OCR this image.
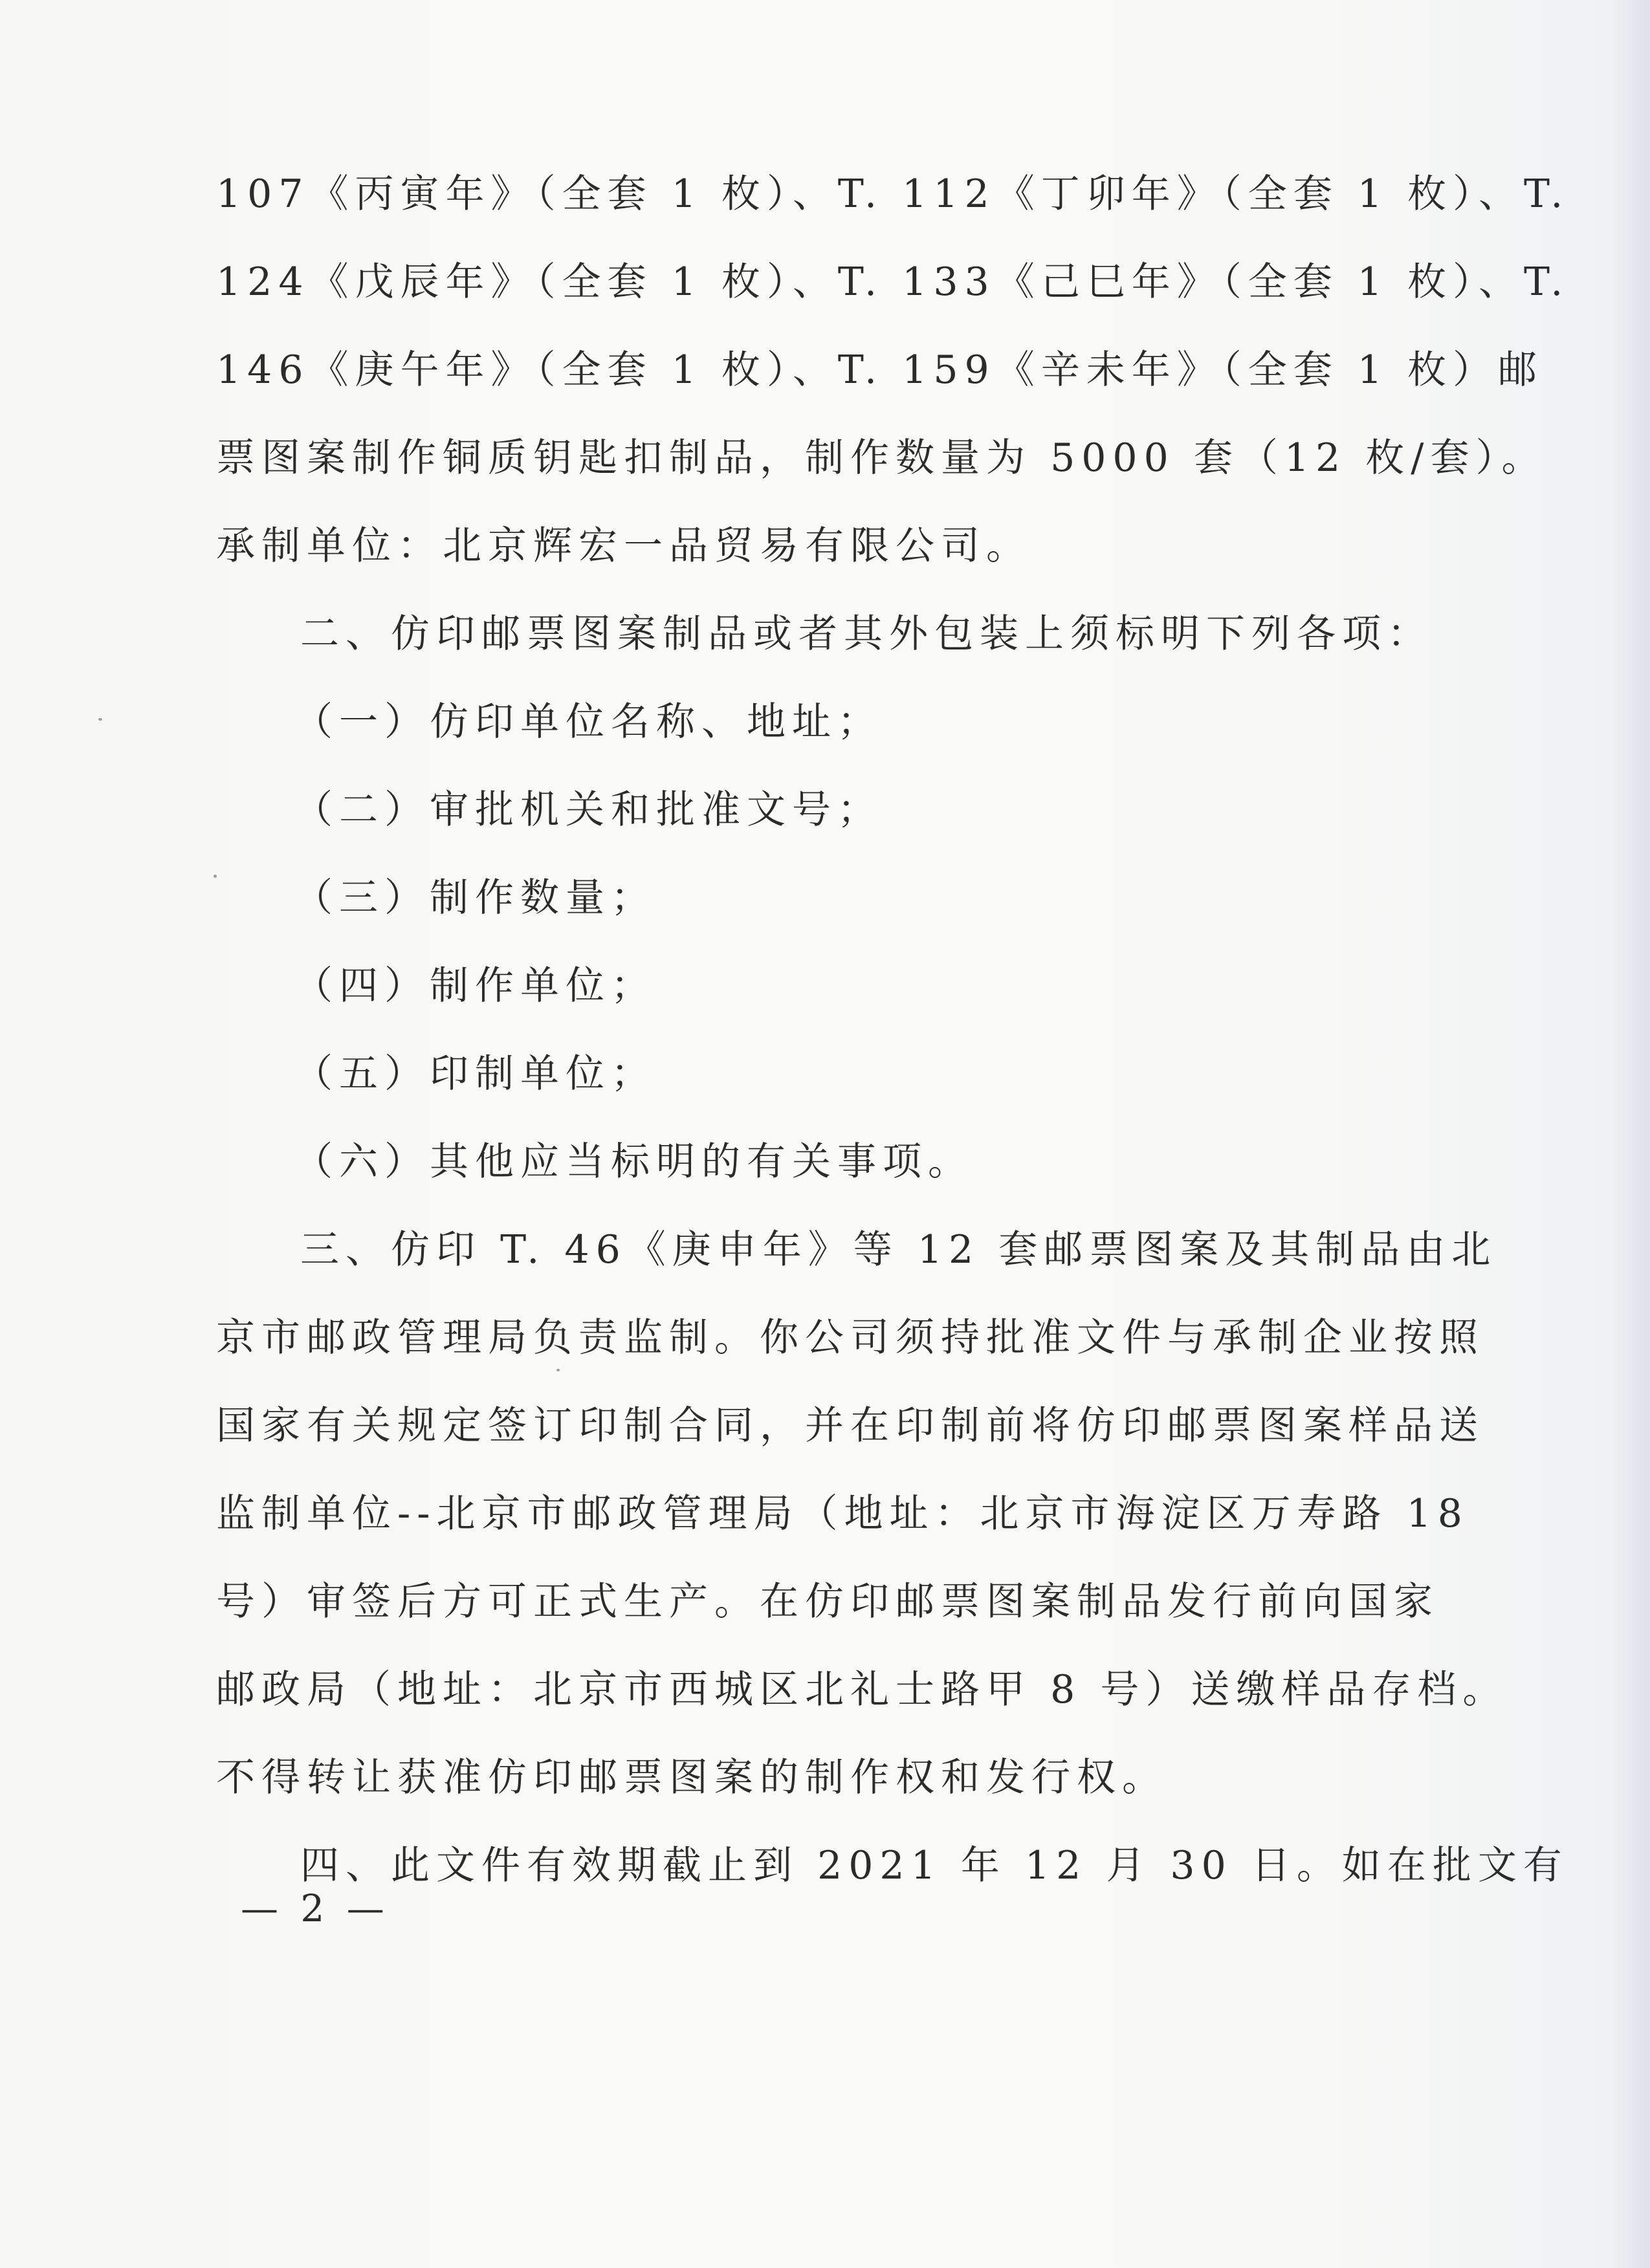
107《丙寅年》（全套 1 枚）、T. 112《丁卯年》（全套 1 枚）、T.
124《戊辰年》（全套 1 枚）、T. 133《己巳年》（全套 1 枚）、T.
146《庚午年》（全套 1 枚）、T. 159《辛未年》（全套 1 枚）邮
票图案制作铜质钥匙扣制品，制作数量为 5000 套（12 枚/套）。
承制单位：北京辉宏一品贸易有限公司。
二、仿印邮票图案制品或者其外包装上须标明下列各项：
（一）仿印单位名称、地址；
（二）审批机关和批准文号；
（三）制作数量；
（四）制作单位；
（五）印制单位；
（六）其他应当标明的有关事项。
三、仿印 T. 46《庚申年》等 12 套邮票图案及其制品由北
京市邮政管理局负责监制。你公司须持批准文件与承制企业按照
国家有关规定签订印制合同，并在印制前将仿印邮票图案样品送
监制单位--北京市邮政管理局（地址：北京市海淀区万寿路 18
号）审签后方可正式生产。在仿印邮票图案制品发行前向国家
邮政局（地址：北京市西城区北礼士路甲 8 号）送缴样品存档。
不得转让获准仿印邮票图案的制作权和发行权。
四、此文件有效期截止到 2021 年 12 月 30 日。如在批文有
— 2 —
